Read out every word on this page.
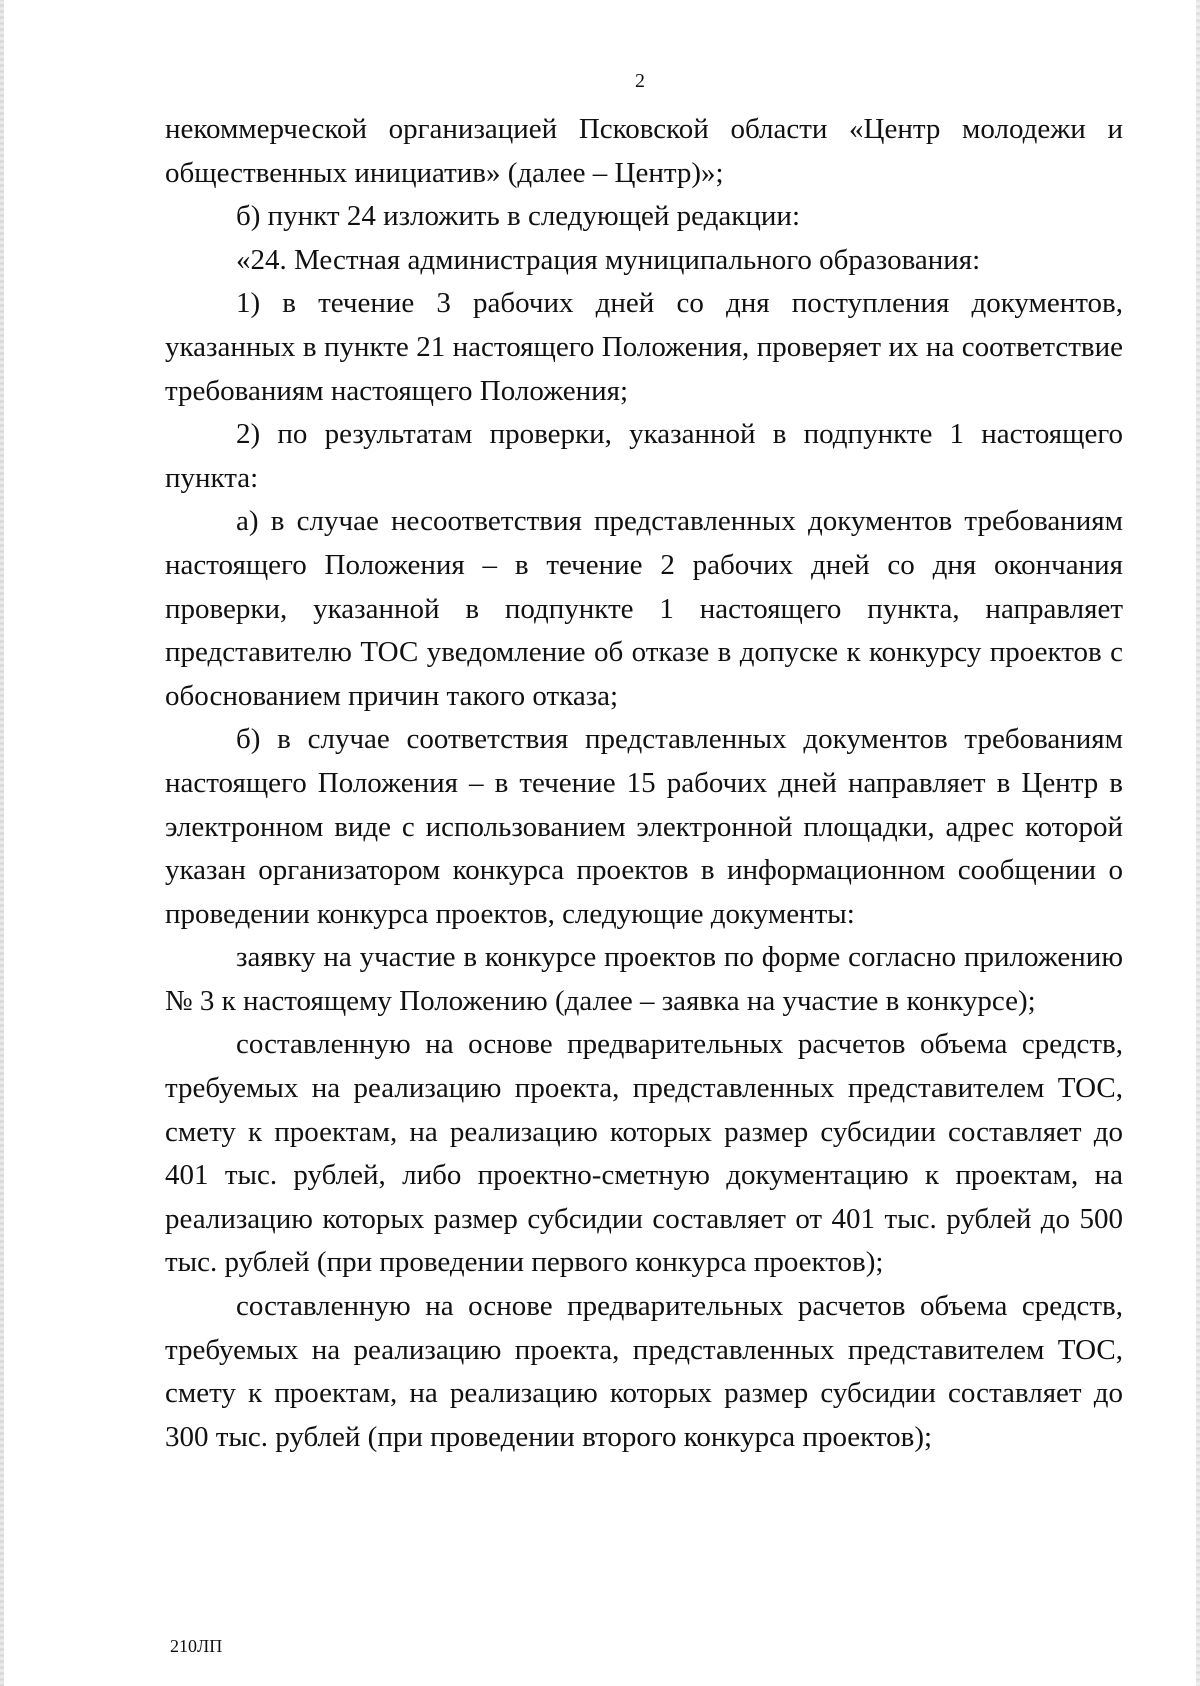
2

некоммерческой организацией Псковской области «Центр молодежи и общественных инициатив» (далее – Центр)»;

б) пункт 24 изложить в следующей редакции:

«24. Местная администрация муниципального образования:

1) в течение 3 рабочих дней со дня поступления документов, указанных в пункте 21 настоящего Положения, проверяет их на соответствие требованиям настоящего Положения;

2) по результатам проверки, указанной в подпункте 1 настоящего пункта:

а) в случае несоответствия представленных документов требованиям настоящего Положения – в течение 2 рабочих дней со дня окончания проверки, указанной в подпункте 1 настоящего пункта, направляет представителю ТОС уведомление об отказе в допуске к конкурсу проектов с обоснованием причин такого отказа;

б) в случае соответствия представленных документов требованиям настоящего Положения – в течение 15 рабочих дней направляет в Центр в электронном виде с использованием электронной площадки, адрес которой указан организатором конкурса проектов в информационном сообщении о проведении конкурса проектов, следующие документы:

заявку на участие в конкурсе проектов по форме согласно приложению № 3 к настоящему Положению (далее – заявка на участие в конкурсе);

составленную на основе предварительных расчетов объема средств, требуемых на реализацию проекта, представленных представителем ТОС, смету к проектам, на реализацию которых размер субсидии составляет до 401 тыс. рублей, либо проектно-сметную документацию к проектам, на реализацию которых размер субсидии составляет от 401 тыс. рублей до 500 тыс. рублей (при проведении первого конкурса проектов);

составленную на основе предварительных расчетов объема средств, требуемых на реализацию проекта, представленных представителем ТОС, смету к проектам, на реализацию которых размер субсидии составляет до 300 тыс. рублей (при проведении второго конкурса проектов);

210ЛП
